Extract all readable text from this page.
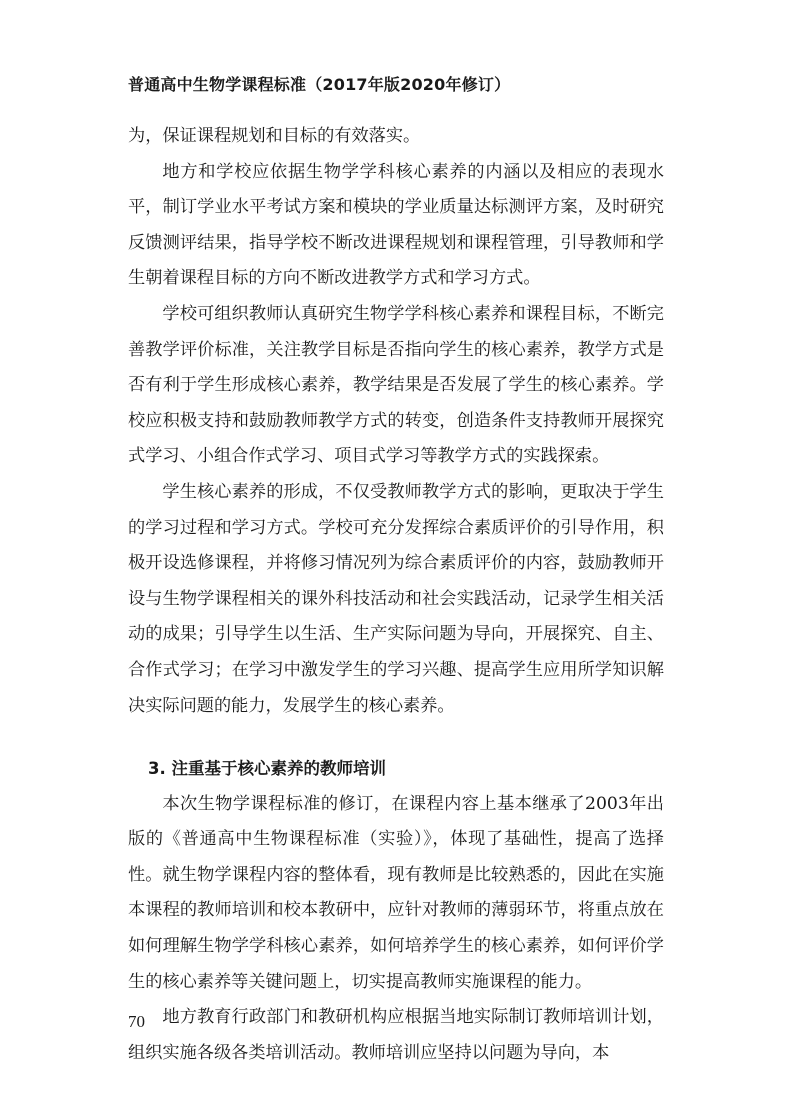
普通高中生物学课程标准（2017年版2020年修订）

为，保证课程规划和目标的有效落实。

地方和学校应依据生物学学科核心素养的内涵以及相应的表现水平，制订学业水平考试方案和模块的学业质量达标测评方案，及时研究反馈测评结果，指导学校不断改进课程规划和课程管理，引导教师和学生朝着课程目标的方向不断改进教学方式和学习方式。

学校可组织教师认真研究生物学学科核心素养和课程目标，不断完善教学评价标准，关注教学目标是否指向学生的核心素养，教学方式是否有利于学生形成核心素养，教学结果是否发展了学生的核心素养。学校应积极支持和鼓励教师教学方式的转变，创造条件支持教师开展探究式学习、小组合作式学习、项目式学习等教学方式的实践探索。

学生核心素养的形成，不仅受教师教学方式的影响，更取决于学生的学习过程和学习方式。学校可充分发挥综合素质评价的引导作用，积极开设选修课程，并将修习情况列为综合素质评价的内容，鼓励教师开设与生物学课程相关的课外科技活动和社会实践活动，记录学生相关活动的成果；引导学生以生活、生产实际问题为导向，开展探究、自主、合作式学习；在学习中激发学生的学习兴趣、提高学生应用所学知识解决实际问题的能力，发展学生的核心素养。

3. 注重基于核心素养的教师培训

本次生物学课程标准的修订，在课程内容上基本继承了2003年出版的《普通高中生物课程标准（实验）》，体现了基础性，提高了选择性。就生物学课程内容的整体看，现有教师是比较熟悉的，因此在实施本课程的教师培训和校本教研中，应针对教师的薄弱环节，将重点放在如何理解生物学学科核心素养，如何培养学生的核心素养，如何评价学生的核心素养等关键问题上，切实提高教师实施课程的能力。

地方教育行政部门和教研机构应根据当地实际制订教师培训计划，组织实施各级各类培训活动。教师培训应坚持以问题为导向，本

70
